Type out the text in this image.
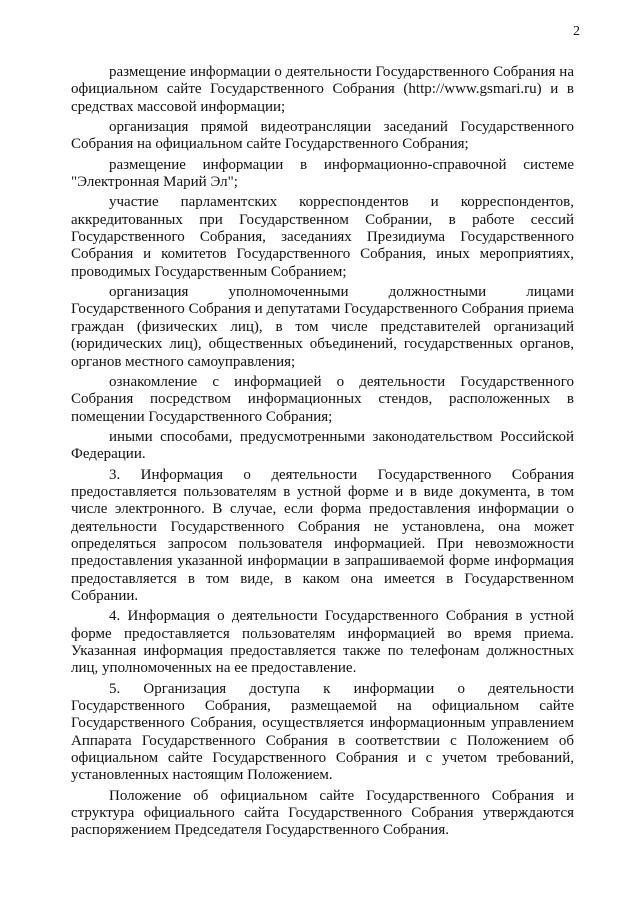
2

размещение информации о деятельности Государственного Собрания на официальном сайте Государственного Собрания (http://www.gsmari.ru) и в средствах массовой информации;

организация прямой видеотрансляции заседаний Государственного Собрания на официальном сайте Государственного Собрания;

размещение информации в информационно-справочной системе "Электронная Марий Эл";

участие парламентских корреспондентов и корреспондентов, аккредитованных при Государственном Собрании, в работе сессий Государственного Собрания, заседаниях Президиума Государственного Собрания и комитетов Государственного Собрания, иных мероприятиях, проводимых Государственным Собранием;

организация уполномоченными должностными лицами Государственного Собрания и депутатами Государственного Собрания приема граждан (физических лиц), в том числе представителей организаций (юридических лиц), общественных объединений, государственных органов, органов местного самоуправления;

ознакомление с информацией о деятельности Государственного Собрания посредством информационных стендов, расположенных в помещении Государственного Собрания;

иными способами, предусмотренными законодательством Российской Федерации.

3. Информация о деятельности Государственного Собрания предоставляется пользователям в устной форме и в виде документа, в том числе электронного. В случае, если форма предоставления информации о деятельности Государственного Собрания не установлена, она может определяться запросом пользователя информацией. При невозможности предоставления указанной информации в запрашиваемой форме информация предоставляется в том виде, в каком она имеется в Государственном Собрании.

4. Информация о деятельности Государственного Собрания в устной форме предоставляется пользователям информацией во время приема. Указанная информация предоставляется также по телефонам должностных лиц, уполномоченных на ее предоставление.

5. Организация доступа к информации о деятельности Государственного Собрания, размещаемой на официальном сайте Государственного Собрания, осуществляется информационным управлением Аппарата Государственного Собрания в соответствии с Положением об официальном сайте Государственного Собрания и с учетом требований, установленных настоящим Положением.

Положение об официальном сайте Государственного Собрания и структура официального сайта Государственного Собрания утверждаются распоряжением Председателя Государственного Собрания.
